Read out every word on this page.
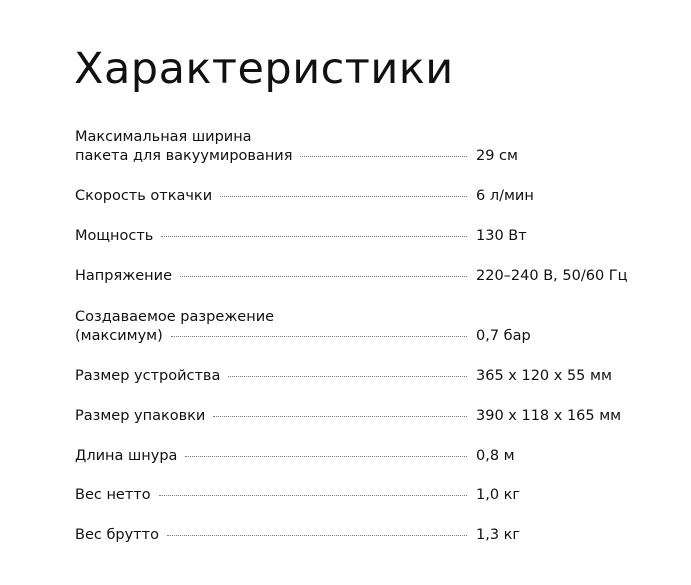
Характеристики
Максимальная ширина
пакета для вакуумирования	29 см
Скорость откачки	6 л/мин
Мощность	130 Вт
Напряжение	220–240 В, 50/60 Гц
Создаваемое разрежение
(максимум)	0,7 бар
Размер устройства	365 x 120 x 55 мм
Размер упаковки	390 x 118 x 165 мм
Длина шнура	0,8 м
Вес нетто	1,0 кг
Вес брутто	1,3 кг
